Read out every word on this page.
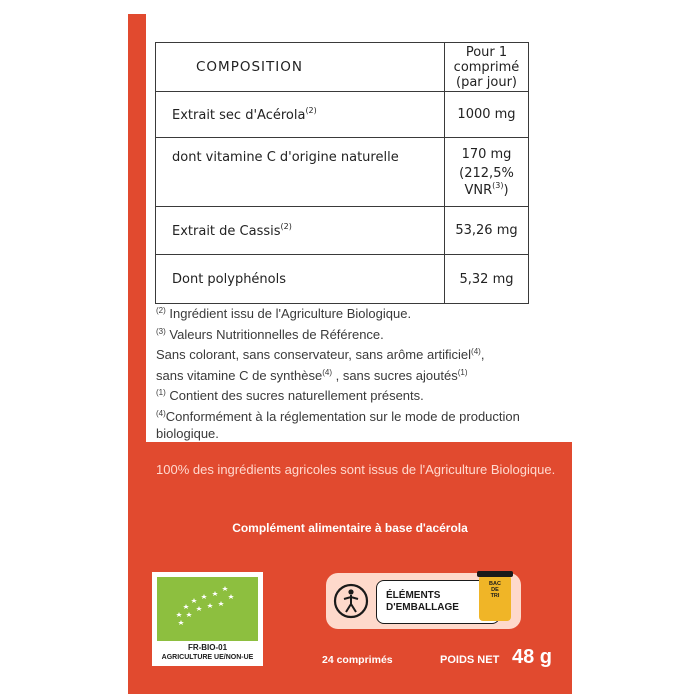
COMPOSITION	Pour 1 comprimé
(par jour)

Extrait sec d'Acérola$^{(2)}$	1000 mg
dont vitamine C d'origine naturelle	170 mg
(212,5% VNR$^{(3)}$)

Extrait de Cassis$^{(2)}$	53,26 mg
Dont polyphénols	5,32 mg

$^{(2)}$ Ingrédient issu de l'Agriculture Biologique.

$^{(3)}$ Valeurs Nutritionnelles de Référence.

Sans colorant, sans conservateur, sans arôme artificiel$^{(4)}$,

sans vitamine C de synthèse$^{(4)}$ , sans sucres ajoutés$^{(1)}$

$^{(1)}$ Contient des sucres naturellement présents.

$^{(4)}$Conformément à la réglementation sur le mode de production biologique.

100% des ingrédients agricoles sont issus de l'Agriculture Biologique.
Complément alimentaire à base d'acérola
FR-BIO-01
AGRICULTURE UE/NON-UE
ÉLÉMENTS
D'EMBALLAGE
BAC
DE
TRI
24 comprimés	POIDS NET 48 g
